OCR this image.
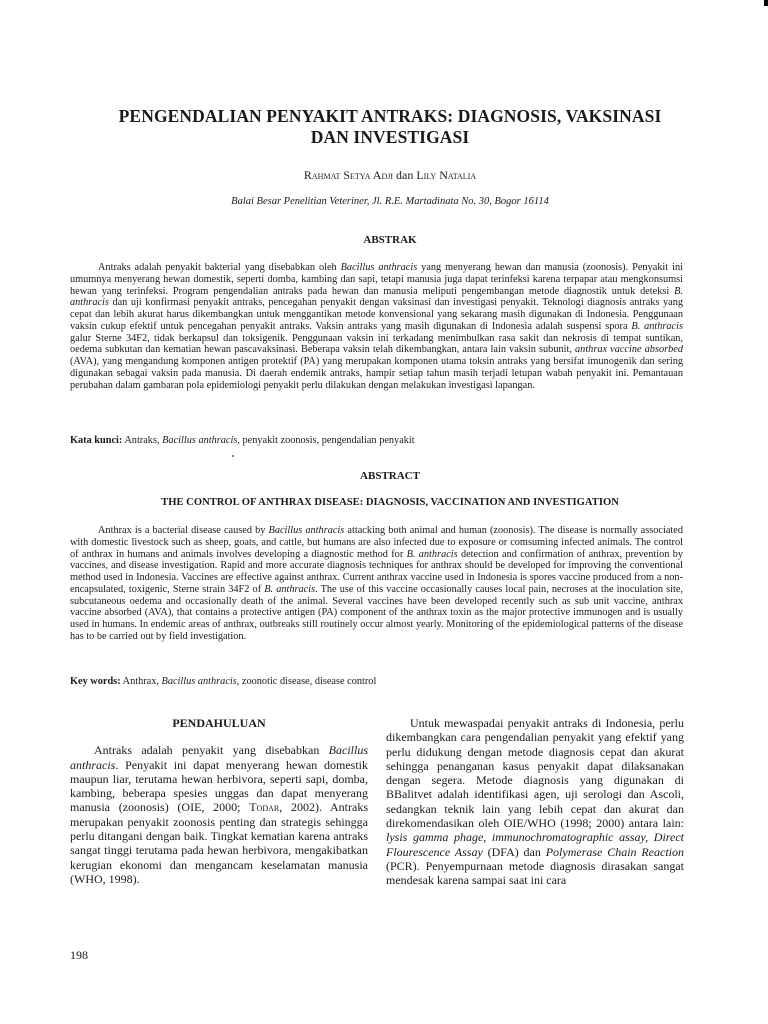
PENGENDALIAN PENYAKIT ANTRAKS: DIAGNOSIS, VAKSINASI
DAN INVESTIGASI
Rahmat Setya Adji dan Lily Natalia
Balai Besar Penelitian Veteriner, Jl. R.E. Martadinata No. 30, Bogor 16114
ABSTRAK
Antraks adalah penyakit bakterial yang disebabkan oleh Bacillus anthracis yang menyerang hewan dan manusia (zoonosis). Penyakit ini umumnya menyerang hewan domestik, seperti domba, kambing dan sapi, tetapi manusia juga dapat terinfeksi karena terpapar atau mengkonsumsi hewan yang terinfeksi. Program pengendalian antraks pada hewan dan manusia meliputi pengembangan metode diagnostik untuk deteksi B. anthracis dan uji konfirmasi penyakit antraks, pencegahan penyakit dengan vaksinasi dan investigasi penyakit. Teknologi diagnosis antraks yang cepat dan lebih akurat harus dikembangkan untuk menggantikan metode konvensional yang sekarang masih digunakan di Indonesia. Penggunaan vaksin cukup efektif untuk pencegahan penyakit antraks. Vaksin antraks yang masih digunakan di Indonesia adalah suspensi spora B. anthracis galur Sterne 34F2, tidak berkapsul dan toksigenik. Penggunaan vaksin ini terkadang menimbulkan rasa sakit dan nekrosis di tempat suntikan, oedema subkutan dan kematian hewan pascavaksinasi. Beberapa vaksin telah dikembangkan, antara lain vaksin subunit, anthrax vaccine absorbed (AVA), yang mengandung komponen antigen protektif (PA) yang merupakan komponen utama toksin antraks yang bersifat imunogenik dan sering digunakan sebagai vaksin pada manusia. Di daerah endemik antraks, hampir setiap tahun masih terjadi letupan wabah penyakit ini. Pemantauan perubahan dalam gambaran pola epidemiologi penyakit perlu dilakukan dengan melakukan investigasi lapangan.
Kata kunci: Antraks, Bacillus anthracis, penyakit zoonosis, pengendalian penyakit
ABSTRACT
THE CONTROL OF ANTHRAX DISEASE: DIAGNOSIS, VACCINATION AND INVESTIGATION
Anthrax is a bacterial disease caused by Bacillus anthracis attacking both animal and human (zoonosis). The disease is normally associated with domestic livestock such as sheep, goats, and cattle, but humans are also infected due to exposure or comsuming infected animals. The control of anthrax in humans and animals involves developing a diagnostic method for B. anthracis detection and confirmation of anthrax, prevention by vaccines, and disease investigation. Rapid and more accurate diagnosis techniques for anthrax should be developed for improving the conventional method used in Indonesia. Vaccines are effective against anthrax. Current anthrax vaccine used in Indonesia is spores vaccine produced from a non-encapsulated, toxigenic, Sterne strain 34F2 of B. anthracis. The use of this vaccine occasionally causes local pain, necroses at the inoculation site, subcutaneous oedema and occasionally death of the animal. Several vaccines have been developed recently such as sub unit vaccine, anthrax vaccine absorbed (AVA), that contains a protective antigen (PA) component of the anthrax toxin as the major protective immunogen and is usually used in humans. In endemic areas of anthrax, outbreaks still routinely occur almost yearly. Monitoring of the epidemiological patterns of the disease has to be carried out by field investigation.
Key words: Anthrax, Bacillus anthracis, zoonotic disease, disease control
PENDAHULUAN

Antraks adalah penyakit yang disebabkan Bacillus anthracis. Penyakit ini dapat menyerang hewan domestik maupun liar, terutama hewan herbivora, seperti sapi, domba, kambing, beberapa spesies unggas dan dapat menyerang manusia (zoonosis) (OIE, 2000; Todar, 2002). Antraks merupakan penyakit zoonosis penting dan strategis sehingga perlu ditangani dengan baik. Tingkat kematian karena antraks sangat tinggi terutama pada hewan herbivora, mengakibatkan kerugian ekonomi dan mengancam keselamatan manusia (WHO, 1998).

Untuk mewaspadai penyakit antraks di Indonesia, perlu dikembangkan cara pengendalian penyakit yang efektif yang perlu didukung dengan metode diagnosis cepat dan akurat sehingga penanganan kasus penyakit dapat dilaksanakan dengan segera. Metode diagnosis yang digunakan di BBalitvet adalah identifikasi agen, uji serologi dan Ascoli, sedangkan teknik lain yang lebih cepat dan akurat dan direkomendasikan oleh OIE/WHO (1998; 2000) antara lain: lysis gamma phage, immunochromatographic assay, Direct Flourescence Assay (DFA) dan Polymerase Chain Reaction (PCR). Penyempurnaan metode diagnosis dirasakan sangat mendesak karena sampai saat ini cara

198
